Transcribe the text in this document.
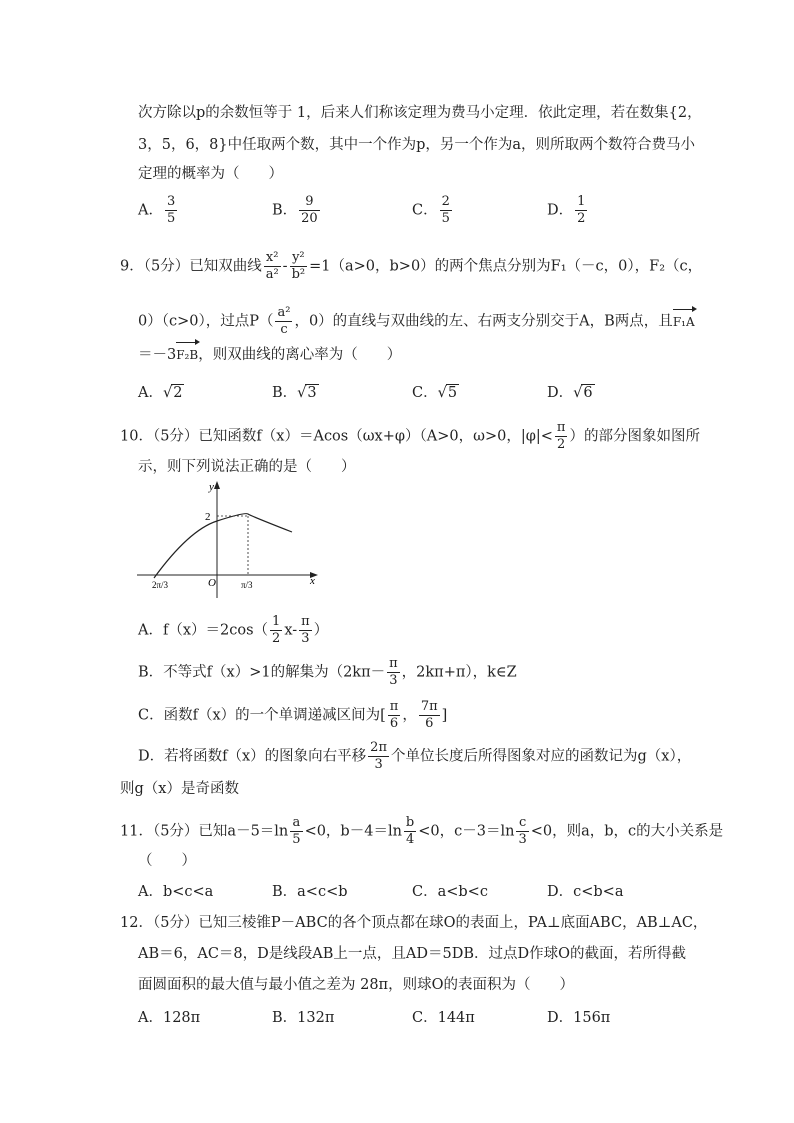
次方除以p的余数恒等于 1，后来人们称该定理为费马小定理．依此定理，若在数集{2，
3，5，6，8}中任取两个数，其中一个作为p，另一个作为a，则所取两个数符合费马小
定理的概率为（　　）
A． $\frac{3}{5}$	B． $\frac{9}{20}$	C． $\frac{2}{5}$	D． $\frac{1}{2}$
9．（5分）已知双曲线 $\frac{\text{x²}}{\text{a²}} - \frac{\text{y²}}{\text{b²}} =1(a>0$，b>0）的两个焦点分别为F₁（－c，0），F₂（c，
0）（c>0），过点$P( \frac{\text{a²}}{c}$ ，0）的直线与双曲线的左、右两支分别交于A，B两点，且F₁A
＝－3F₂B，则双曲线的离心率为（　　）
A．√2	B．√3	C．√5	D．√6
10．（5分）已知函数f（x）＝Acos（ωx+φ）（A>0，ω>0，$|\varphi|< \frac{\pi}{2}$ ）的部分图象如图所
示，则下列说法正确的是（　　）
y
x
O
2
2π/3	π/3
A．$f(x)=2\cos( \frac{1}{2} x- \frac{\pi}{3}$ ）
B．不等式f（x）>1的解集为（$2k\pi- \frac{\pi}{3}$ ，2kπ+π），k∈Z
C．函数f（x）的一个单调递减区间为[ $\frac{\pi}{6}$ ， $\frac{7\pi}{6}$ ]
D．若将函数f（x）的图象向右平移 $\frac{2\pi}{3}$ 个单位长度后所得图象对应的函数记为g（x），
则g（x）是奇函数
11．（5分）已知$a-5=\ln \frac{a}{5} <0$，$b-4=\ln \frac{b}{4} <0$，$c-3=\ln \frac{c}{3} <0$，则a，b，c的大小关系是
（　　）
A．b<c<a	B．a<c<b	C．a<b<c	D．c<b<a
12．（5分）已知三棱锥P－ABC的各个顶点都在球O的表面上，PA⊥底面ABC，AB⊥AC，
AB＝6，AC＝8，D是线段AB上一点，且AD＝5DB．过点D作球O的截面，若所得截
面圆面积的最大值与最小值之差为 28π，则球O的表面积为（　　）
A．128π	B．132π	C．144π	D．156π
